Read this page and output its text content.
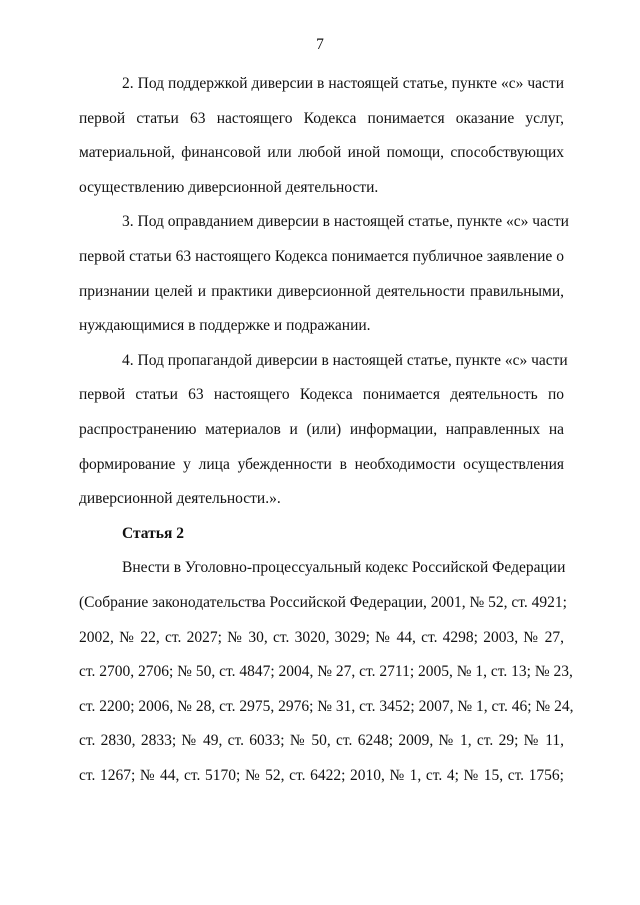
7
2. Под поддержкой диверсии в настоящей статье, пункте «с» части
первой статьи 63 настоящего Кодекса понимается оказание услуг,
материальной, финансовой или любой иной помощи, способствующих
осуществлению диверсионной деятельности.
3. Под оправданием диверсии в настоящей статье, пункте «с» части
первой статьи 63 настоящего Кодекса понимается публичное заявление о
признании целей и практики диверсионной деятельности правильными,
нуждающимися в поддержке и подражании.
4. Под пропагандой диверсии в настоящей статье, пункте «с» части
первой статьи 63 настоящего Кодекса понимается деятельность по
распространению материалов и (или) информации, направленных на
формирование у лица убежденности в необходимости осуществления
диверсионной деятельности.».
Статья 2
Внести в Уголовно-процессуальный кодекс Российской Федерации
(Собрание законодательства Российской Федерации, 2001, № 52, ст. 4921;
2002, № 22, ст. 2027; № 30, ст. 3020, 3029; № 44, ст. 4298; 2003, № 27,
ст. 2700, 2706; № 50, ст. 4847; 2004, № 27, ст. 2711; 2005, № 1, ст. 13; № 23,
ст. 2200; 2006, № 28, ст. 2975, 2976; № 31, ст. 3452; 2007, № 1, ст. 46; № 24,
ст. 2830, 2833; № 49, ст. 6033; № 50, ст. 6248; 2009, № 1, ст. 29; № 11,
ст. 1267; № 44, ст. 5170; № 52, ст. 6422; 2010, № 1, ст. 4; № 15, ст. 1756;
